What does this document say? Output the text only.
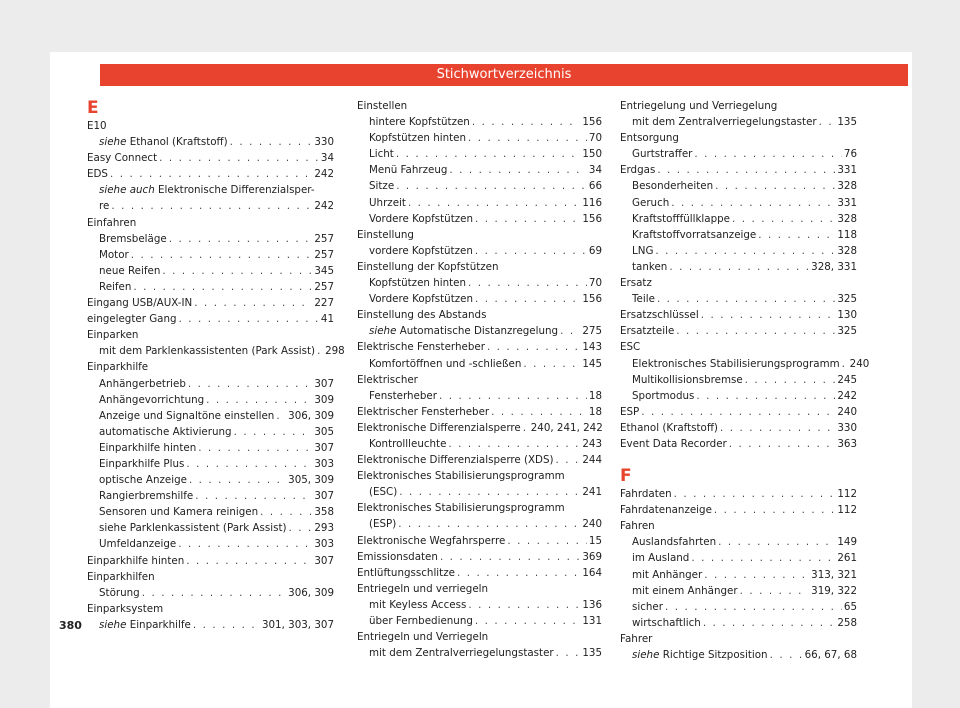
Stichwortverzeichnis
E
E10
siehe Ethanol (Kraftstoff) . . .	330
Easy Connect . . .	34
EDS . . .	242
siehe auch Elektronische Differenzialsper-
re . . .	242
Einfahren
Bremsbeläge . . .	257
Motor . . .	257
neue Reifen . . .	345
Reifen . . .	257
Eingang USB/AUX-IN . . .	227
eingelegter Gang . . .	41
Einparken
mit dem Parklenkassistenten (Park Assist) . . . 298
Einparkhilfe
Anhängerbetrieb . . .	307
Anhängevorrichtung . . .	309
Anzeige und Signaltöne einstellen . . . 306, 309
automatische Aktivierung . . .	305
Einparkhilfe hinten . . .	307
Einparkhilfe Plus . . .	303
optische Anzeige . . .	305, 309
Rangierbremshilfe . . .	307
Sensoren und Kamera reinigen . . .	358
siehe Parklenkassistent (Park Assist) . . .	293
Umfeldanzeige . . .	303
Einparkhilfe hinten . . .	307
Einparkhilfen
Störung . . .	306, 309
Einparksystem
siehe Einparkhilfe . . .	301, 303, 307
Einstellen
hintere Kopfstützen . . .	156
Kopfstützen hinten . . .	70
Licht . . .	150
Menü Fahrzeug . . .	34
Sitze . . .	66
Uhrzeit . . .	116
Vordere Kopfstützen . . .	156
Einstellung
vordere Kopfstützen . . .	69
Einstellung der Kopfstützen
Kopfstützen hinten . . .	70
Vordere Kopfstützen . . .	156
Einstellung des Abstands
siehe Automatische Distanzregelung . . . 275
Elektrische Fensterheber . . .	143
Komfortöffnen und -schließen . . .	145
Elektrischer
Fensterheber . . .	18
Elektrischer Fensterheber . . .	18
Elektronische Differenzialsperre . . . 240, 241, 242
Kontrollleuchte . . .	243
Elektronische Differenzialsperre (XDS) . . .	244
Elektronisches Stabilisierungsprogramm
(ESC) . . .	241
Elektronisches Stabilisierungsprogramm
(ESP) . . .	240
Elektronische Wegfahrsperre . . .	15
Emissionsdaten . . .	369
Entlüftungsschlitze . . .	164
Entriegeln und verriegeln
mit Keyless Access . . .	136
über Fernbedienung . . .	131
Entriegeln und Verriegeln
mit dem Zentralverriegelungstaster . . .	135
Entriegelung und Verriegelung
mit dem Zentralverriegelungstaster . . . 135
Entsorgung
Gurtstraffer . . .	76
Erdgas . . .	331
Besonderheiten . . .	328
Geruch . . .	331
Kraftstofffüllklappe . . .	328
Kraftstoffvorratsanzeige . . .	118
LNG . . .	328
tanken . . .	328, 331
Ersatz
Teile . . .	325
Ersatzschlüssel . . .	130
Ersatzteile . . .	325
ESC
Elektronisches Stabilisierungsprogramm . . . 240
Multikollisionsbremse . . .	245
Sportmodus . . .	242
ESP . . .	240
Ethanol (Kraftstoff) . . .	330
Event Data Recorder . . .	363
F
Fahrdaten . . .	112
Fahrdatenanzeige . . .	112
Fahren
Auslandsfahrten . . .	149
im Ausland . . .	261
mit Anhänger . . .	313, 321
mit einem Anhänger . . .	319, 322
sicher . . .	65
wirtschaftlich . . .	258
Fahrer
siehe Richtige Sitzposition . . .	66, 67, 68
380
